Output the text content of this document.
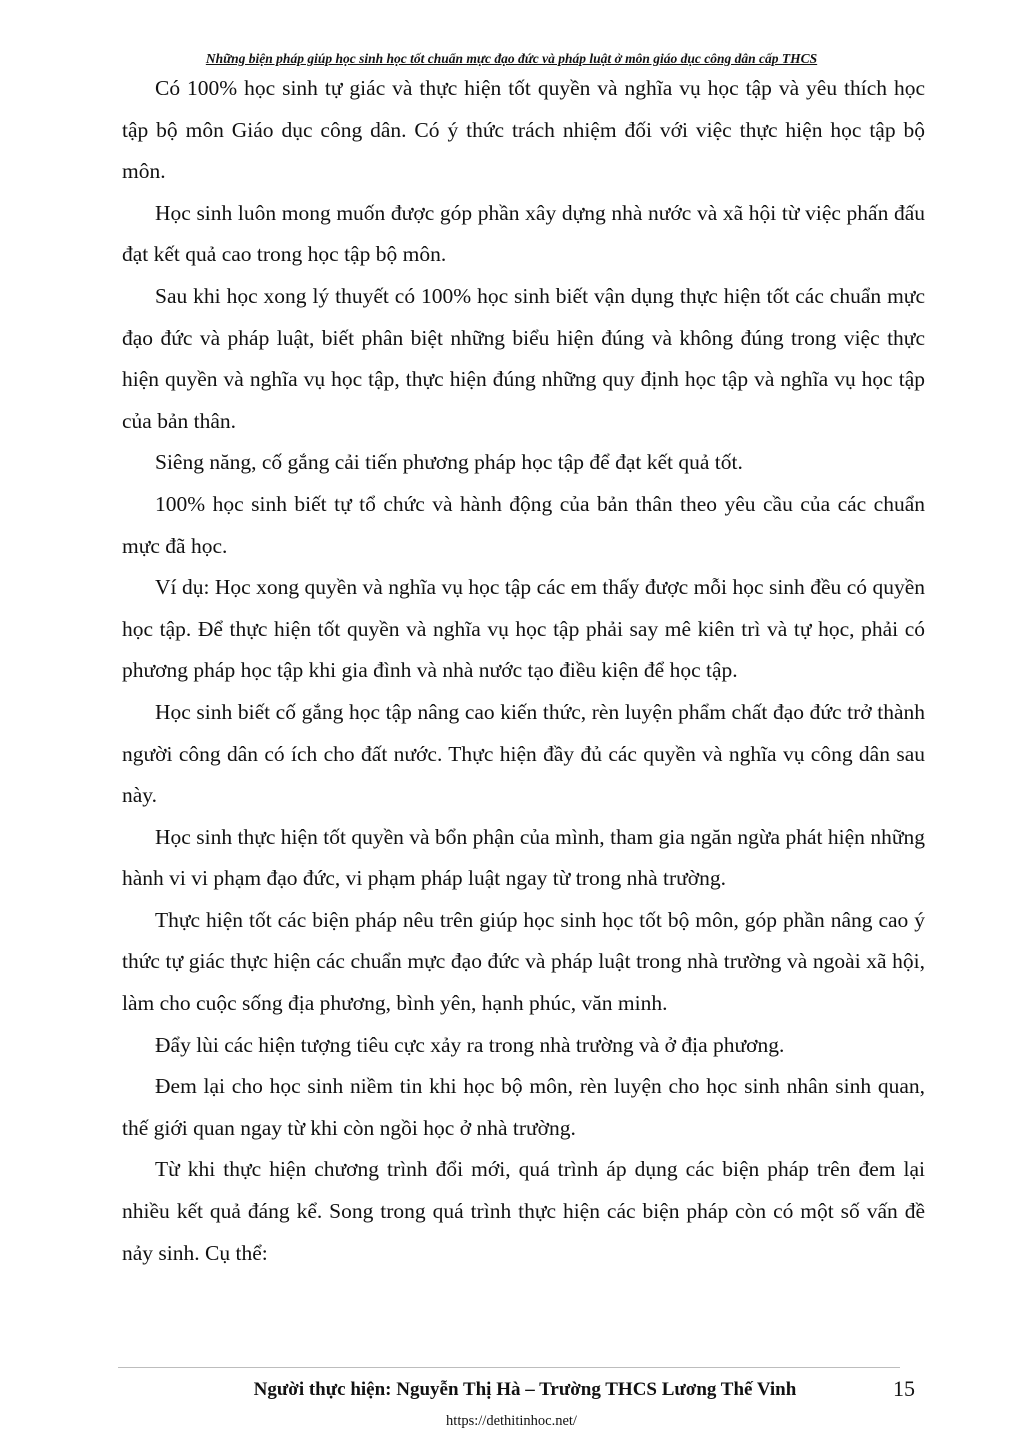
Những biện pháp giúp học sinh học tốt chuẩn mực đạo đức và pháp luật ở môn giáo dục công dân cấp THCS

Có 100% học sinh tự giác và thực hiện tốt quyền và nghĩa vụ học tập và yêu thích học tập bộ môn Giáo dục công dân. Có ý thức trách nhiệm đối với việc thực hiện học tập bộ môn.

Học sinh luôn mong muốn được góp phần xây dựng nhà nước và xã hội từ việc phấn đấu đạt kết quả cao trong học tập bộ môn.

Sau khi học xong lý thuyết có 100% học sinh biết vận dụng thực hiện tốt các chuẩn mực đạo đức và pháp luật, biết phân biệt những biểu hiện đúng và không đúng trong việc thực hiện quyền và nghĩa vụ học tập, thực hiện đúng những quy định học tập và nghĩa vụ học tập của bản thân.

Siêng năng, cố gắng cải tiến phương pháp học tập để đạt kết quả tốt.

100% học sinh biết tự tổ chức và hành động của bản thân theo yêu cầu của các chuẩn mực đã học.

Ví dụ: Học xong quyền và nghĩa vụ học tập các em thấy được mỗi học sinh đều có quyền học tập. Để thực hiện tốt quyền và nghĩa vụ học tập phải say mê kiên trì và tự học, phải có phương pháp học tập khi gia đình và nhà nước tạo điều kiện để học tập.

Học sinh biết cố gắng học tập nâng cao kiến thức, rèn luyện phẩm chất đạo đức trở thành người công dân có ích cho đất nước. Thực hiện đầy đủ các quyền và nghĩa vụ công dân sau này.

Học sinh thực hiện tốt quyền và bổn phận của mình, tham gia ngăn ngừa phát hiện những hành vi vi phạm đạo đức, vi phạm pháp luật ngay từ trong nhà trường.

Thực hiện tốt các biện pháp nêu trên giúp học sinh học tốt bộ môn, góp phần nâng cao ý thức tự giác thực hiện các chuẩn mực đạo đức và pháp luật trong nhà trường và ngoài xã hội, làm cho cuộc sống địa phương, bình yên, hạnh phúc, văn minh.

Đẩy lùi các hiện tượng tiêu cực xảy ra trong nhà trường và ở địa phương.

Đem lại cho học sinh niềm tin khi học bộ môn, rèn luyện cho học sinh nhân sinh quan, thế giới quan ngay từ khi còn ngồi học ở nhà trường.

Từ khi thực hiện chương trình đổi mới, quá trình áp dụng các biện pháp trên đem lại nhiều kết quả đáng kể. Song trong quá trình thực hiện các biện pháp còn có một số vấn đề nảy sinh. Cụ thể:

Người thực hiện: Nguyễn Thị Hà – Trường THCS Lương Thế Vinh	15
https://dethitinhoc.net/
